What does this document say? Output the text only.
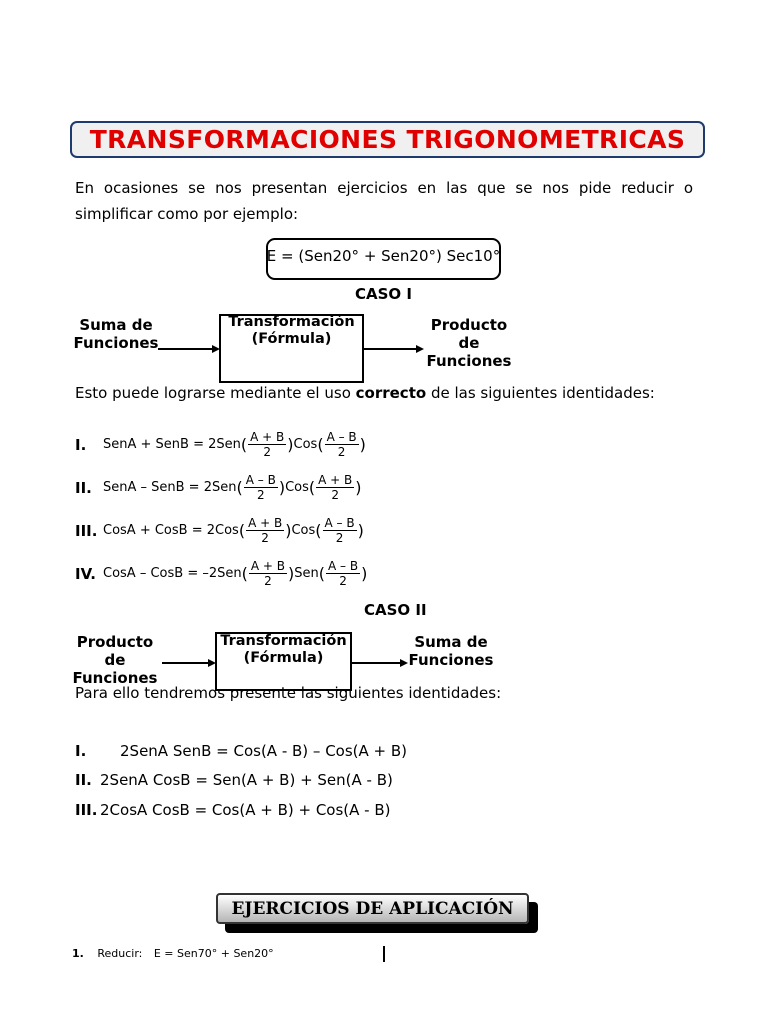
TRANSFORMACIONES TRIGONOMETRICAS
En ocasiones se nos presentan ejercicios en las que se nos pide reducir o
simplificar como por ejemplo:
E = (Sen20° + Sen20°) Sec10°
CASO I
Suma de
Funciones
Transformación
(Fórmula)
Producto
de
Funciones
Esto puede lograrse mediante el uso correcto de las siguientes identidades:
I.	SenA + SenB = 2Sen ( $\frac{A + B}{2}$ ) Cos ( $\frac{A - B}{2}$ )
II. SenA – SenB = 2Sen ( $\frac{A - B}{2}$ ) Cos ( $\frac{A + B}{2}$ )
III. CosA + CosB = 2Cos ( $\frac{A + B}{2}$ ) Cos ( $\frac{A - B}{2}$ )
IV. CosA – CosB = –2Sen ( $\frac{A + B}{2}$ ) Sen ( $\frac{A - B}{2}$ )
CASO II
Producto
de
Funciones
Para ello tendremos presente las siguientes identidades:
Transformación
(Fórmula)
Suma de
Funciones
I. 2SenA SenB = Cos(A - B) – Cos(A + B)
II. 2SenA CosB = Sen(A + B) + Sen(A - B)
III. 2CosA CosB = Cos(A + B) + Cos(A - B)
EJERCICIOS DE APLICACIÓN
1. Reducir: E = Sen70° + Sen20°
